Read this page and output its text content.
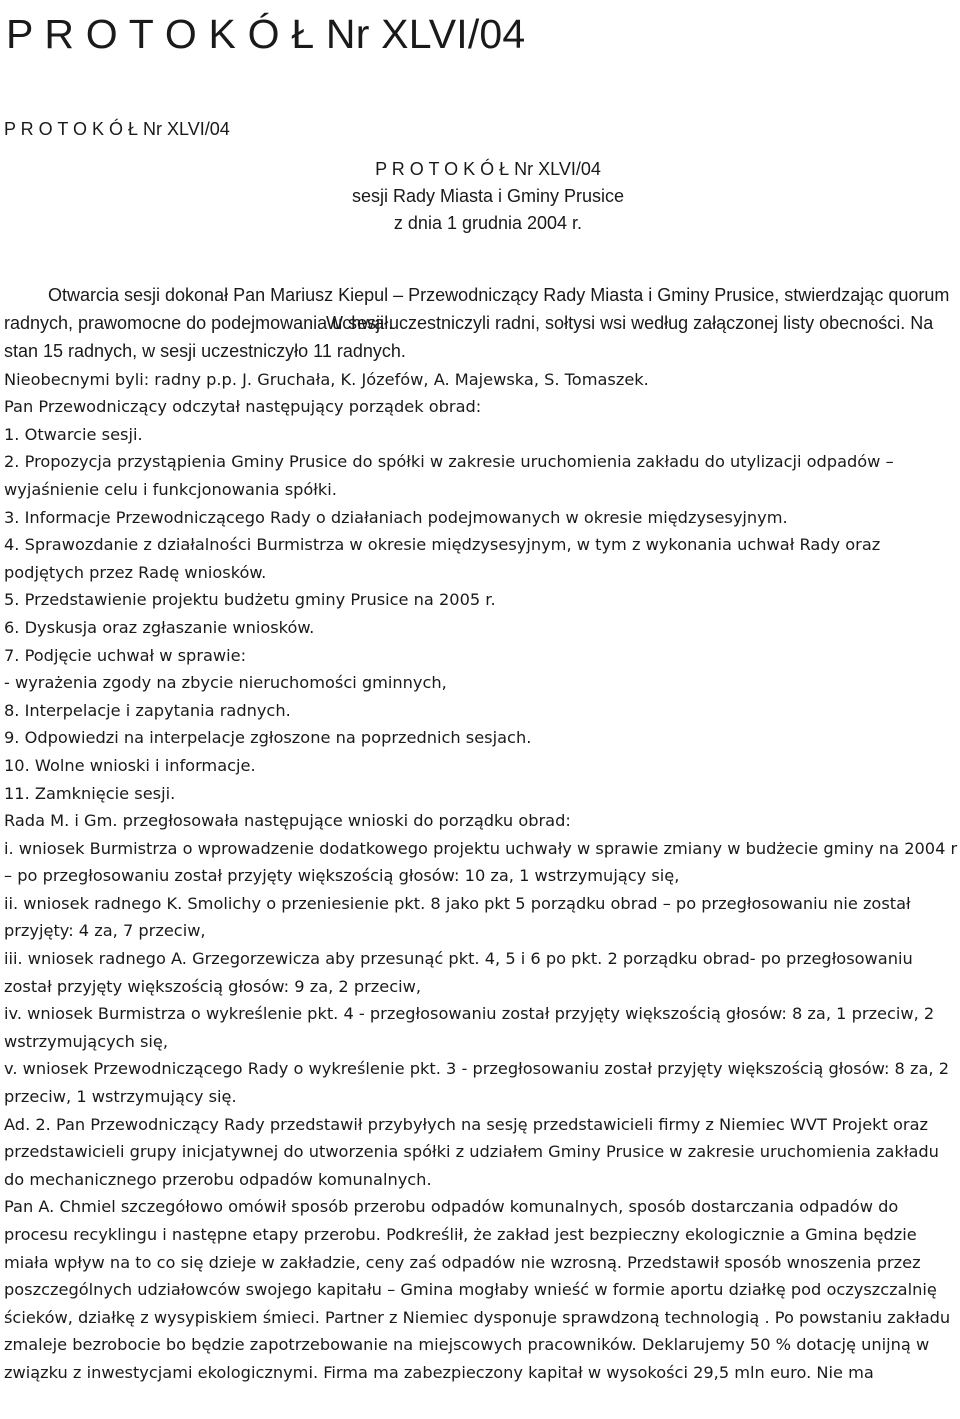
P R O T O K Ó Ł Nr XLVI/04

P R O T O K Ó Ł Nr XLVI/04

P R O T O K Ó Ł Nr XLVI/04
sesji Rady Miasta i Gminy Prusice
z dnia 1 grudnia 2004 r.

Otwarcia sesji dokonał Pan Mariusz Kiepul – Przewodniczący Rady Miasta i Gminy Prusice, stwierdzając quorum radnych, prawomocne do podejmowania uchwał.

W sesji uczestniczyli radni, sołtysi wsi według załączonej listy obecności. Na stan 15 radnych, w sesji uczestniczyło 11 radnych.
Nieobecnymi byli: radny p.p. J. Gruchała, K. Józefów, A. Majewska, S. Tomaszek.
Pan Przewodniczący odczytał następujący porządek obrad:
1. Otwarcie sesji.
2. Propozycja przystąpienia Gminy Prusice do spółki w zakresie uruchomienia zakładu do utylizacji odpadów – wyjaśnienie celu i funkcjonowania spółki.
3. Informacje Przewodniczącego Rady o działaniach podejmowanych w okresie międzysesyjnym.
4. Sprawozdanie z działalności Burmistrza w okresie międzysesyjnym, w tym z wykonania uchwał Rady oraz podjętych przez Radę wniosków.
5. Przedstawienie projektu budżetu gminy Prusice na 2005 r.
6. Dyskusja oraz zgłaszanie wniosków.
7. Podjęcie uchwał w sprawie:
- wyrażenia zgody na zbycie nieruchomości gminnych,
8. Interpelacje i zapytania radnych.
9. Odpowiedzi na interpelacje zgłoszone na poprzednich sesjach.
10. Wolne wnioski i informacje.
11. Zamknięcie sesji.
Rada M. i Gm. przegłosowała następujące wnioski do porządku obrad:
i. wniosek Burmistrza o wprowadzenie dodatkowego projektu uchwały w sprawie zmiany w budżecie gminy na 2004 r – po przegłosowaniu został przyjęty większością głosów: 10 za, 1 wstrzymujący się,
ii. wniosek radnego K. Smolichy o przeniesienie pkt. 8 jako pkt 5 porządku obrad – po przegłosowaniu nie został przyjęty: 4 za, 7 przeciw,
iii. wniosek radnego A. Grzegorzewicza aby przesunąć pkt. 4, 5 i 6 po pkt. 2 porządku obrad- po przegłosowaniu został przyjęty większością głosów: 9 za, 2 przeciw,
iv. wniosek Burmistrza o wykreślenie pkt. 4 - przegłosowaniu został przyjęty większością głosów: 8 za, 1 przeciw, 2 wstrzymujących się,
v. wniosek Przewodniczącego Rady o wykreślenie pkt. 3 - przegłosowaniu został przyjęty większością głosów: 8 za, 2 przeciw, 1 wstrzymujący się.
Ad. 2. Pan Przewodniczący Rady przedstawił przybyłych na sesję przedstawicieli firmy z Niemiec WVT Projekt oraz przedstawicieli grupy inicjatywnej do utworzenia spółki z udziałem Gminy Prusice w zakresie uruchomienia zakładu do mechanicznego przerobu odpadów komunalnych.
Pan A. Chmiel szczegółowo omówił sposób przerobu odpadów komunalnych, sposób dostarczania odpadów do procesu recyklingu i następne etapy przerobu. Podkreślił, że zakład jest bezpieczny ekologicznie a Gmina będzie miała wpływ na to co się dzieje w zakładzie, ceny zaś odpadów nie wzrosną. Przedstawił sposób wnoszenia przez poszczególnych udziałowców swojego kapitału – Gmina mogłaby wnieść w formie aportu działkę pod oczyszczalnię ścieków, działkę z wysypiskiem śmieci. Partner z Niemiec dysponuje sprawdzoną technologią . Po powstaniu zakładu zmaleje bezrobocie bo będzie zapotrzebowanie na miejscowych pracowników. Deklarujemy 50 % dotację unijną w związku z inwestycjami ekologicznymi. Firma ma zabezpieczony kapitał w wysokości 29,5 mln euro. Nie ma
